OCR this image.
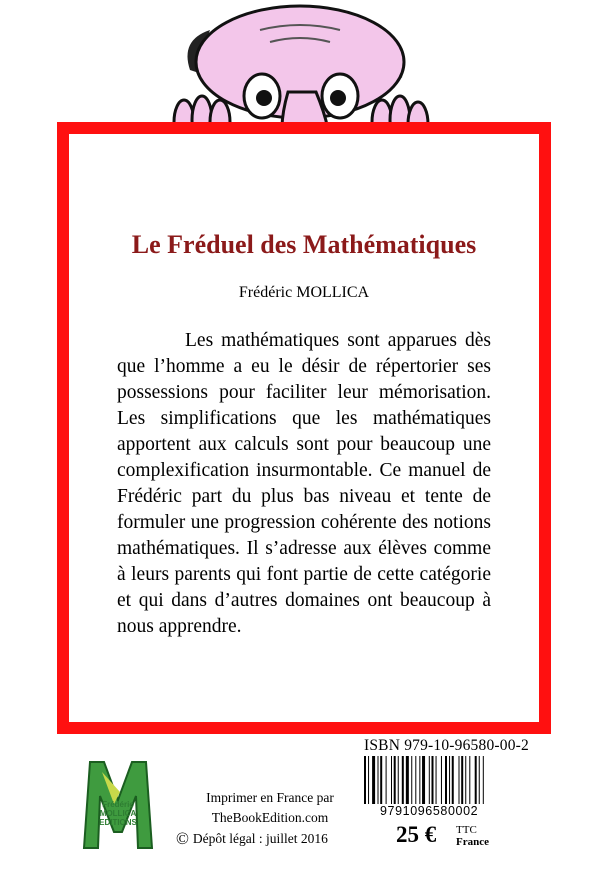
Le Fréduel des Mathématiques
Frédéric MOLLICA
Les mathématiques sont apparues dès que l’homme a eu le désir de répertorier ses possessions pour faciliter leur mémorisation. Les simplifications que les mathématiques apportent aux calculs sont pour beaucoup une complexification insurmontable. Ce manuel de Frédéric part du plus bas niveau et tente de formuler une progression cohérente des notions mathématiques. Il s’adresse aux élèves comme à leurs parents qui font partie de cette catégorie et qui dans d’autres domaines ont beaucoup à nous apprendre.
Frédéric
MOLLICA
EDITIONS
Imprimer en France par
TheBookEdition.com
© Dépôt légal : juillet 2016
ISBN 979-10-96580-00-2
9791096580002
25 € TTC
France
